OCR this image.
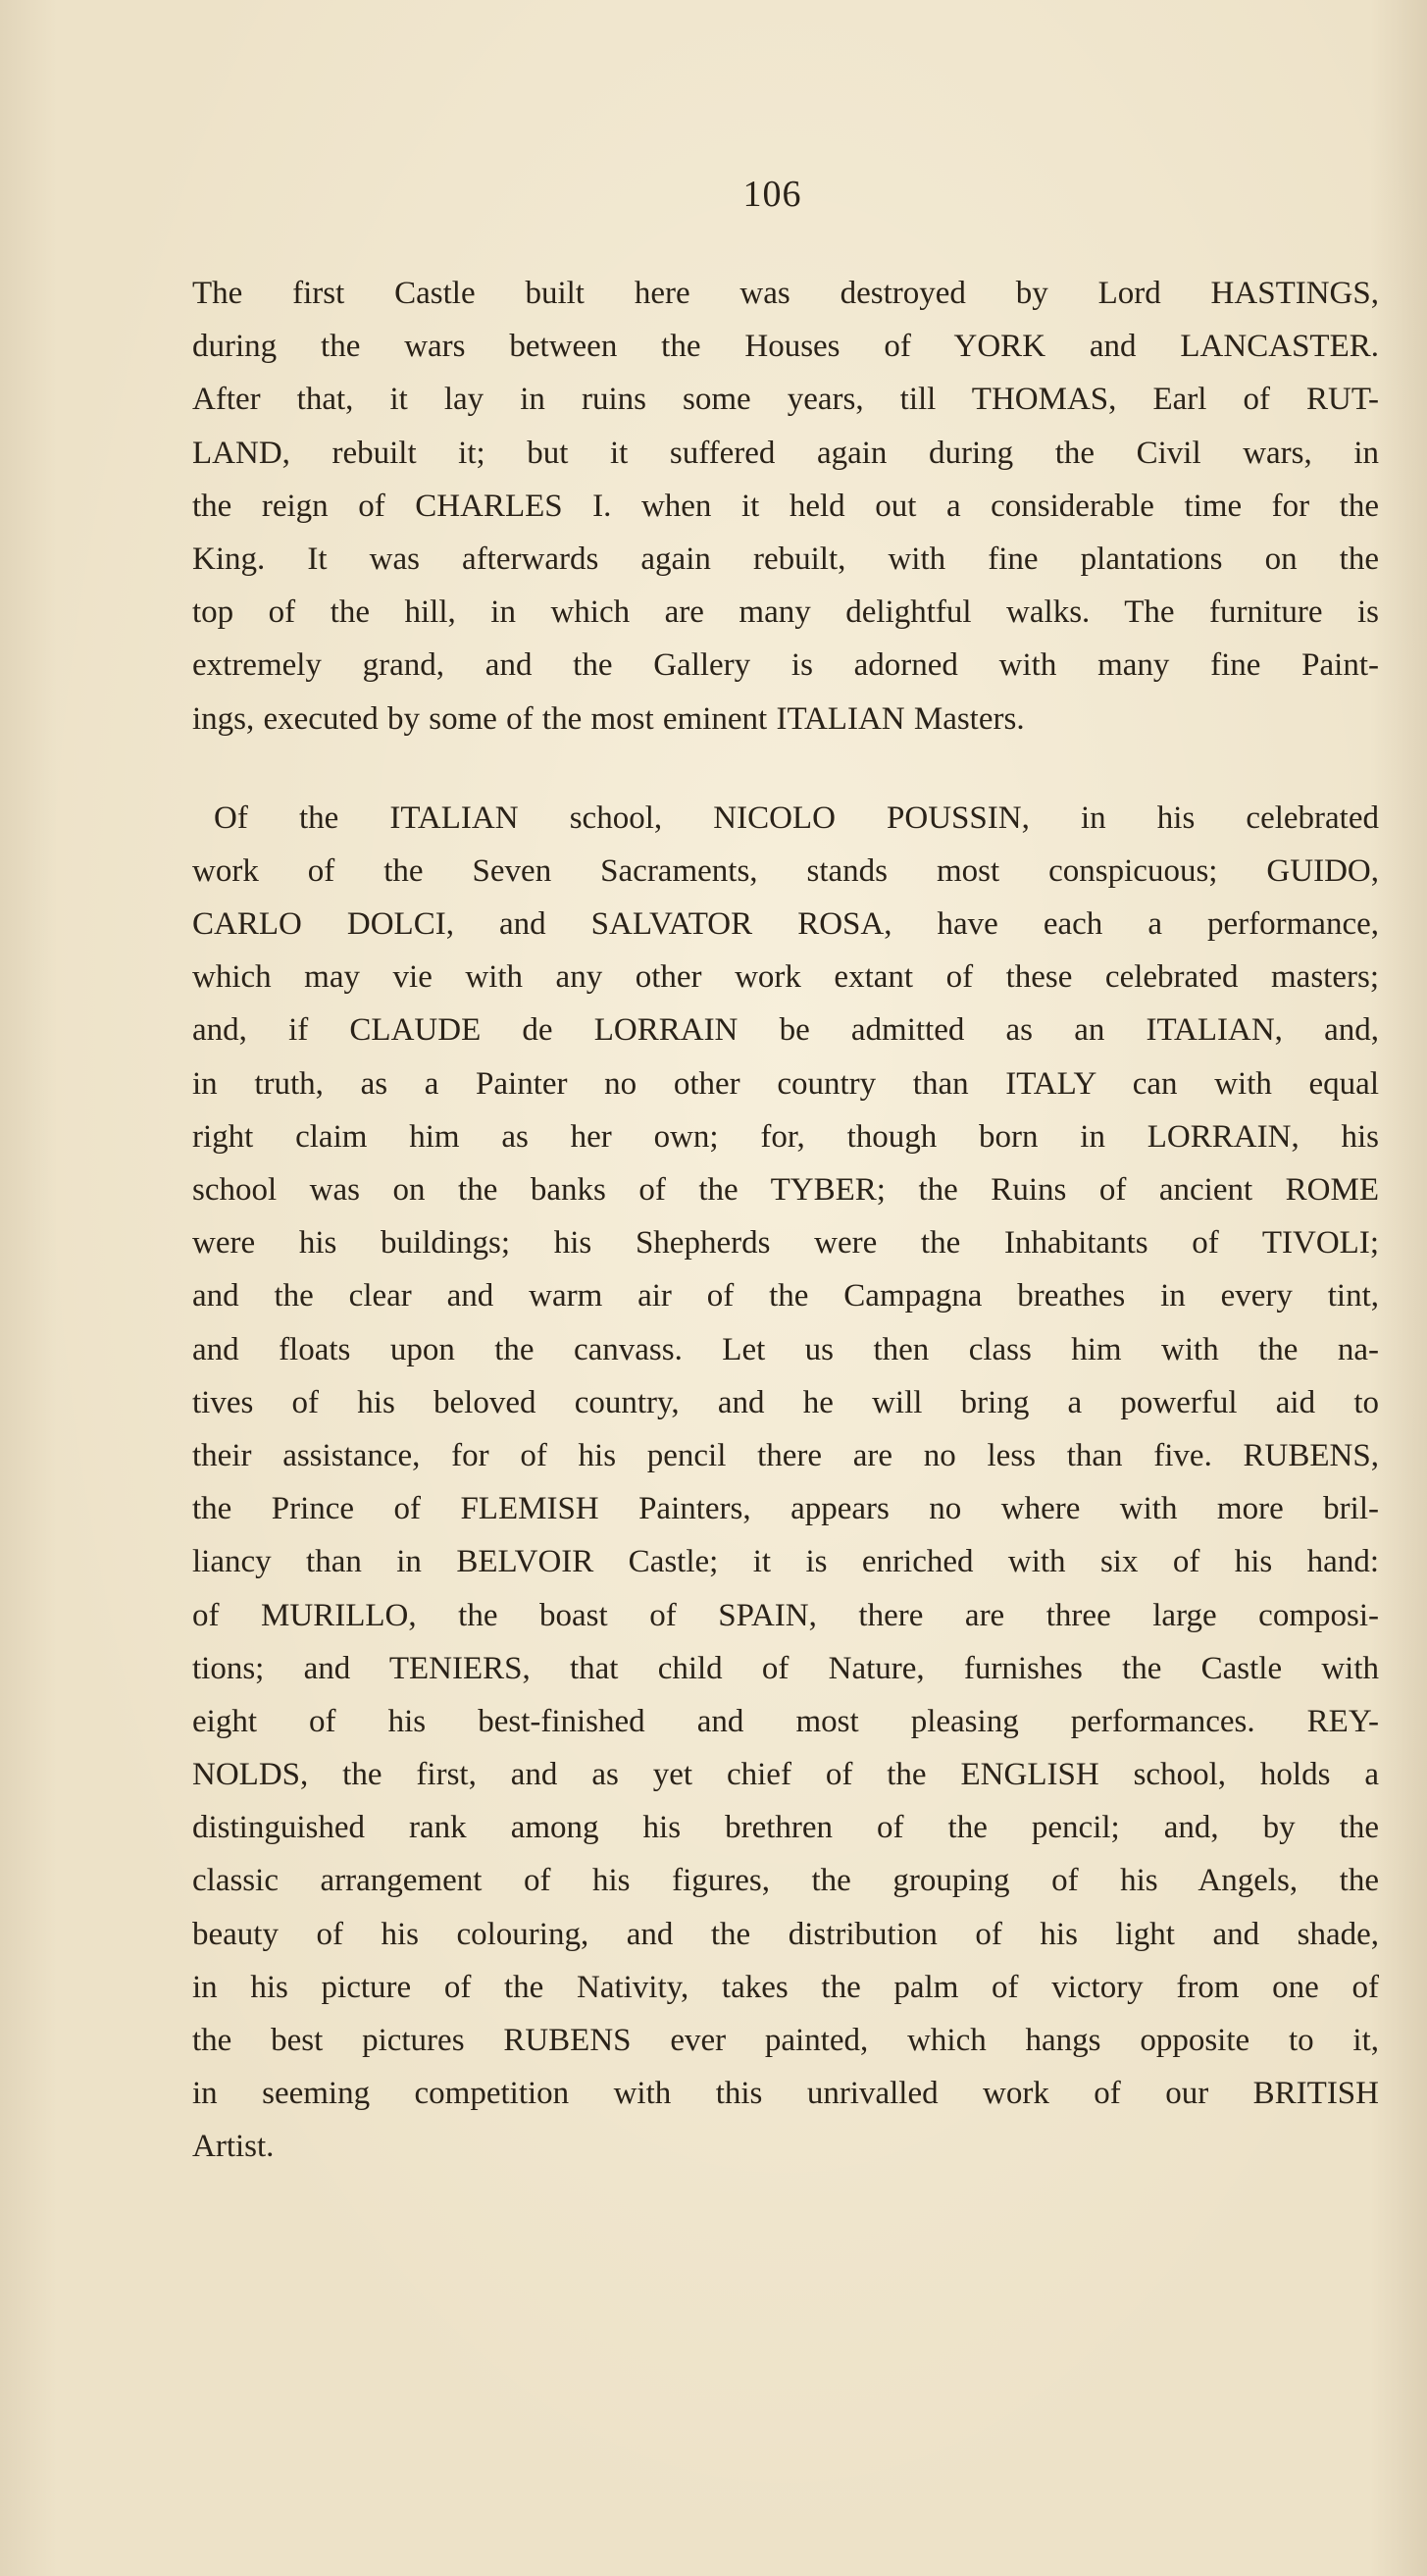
106

The first Castle built here was destroyed by Lord HASTINGS,
during the wars between the Houses of YORK and LANCASTER.
After that, it lay in ruins some years, till THOMAS, Earl of RUT-
LAND, rebuilt it; but it suffered again during the Civil wars, in
the reign of CHARLES I. when it held out a considerable time for the
King. It was afterwards again rebuilt, with fine plantations on the
top of the hill, in which are many delightful walks. The furniture is
extremely grand, and the Gallery is adorned with many fine Paint-
ings, executed by some of the most eminent ITALIAN Masters.

Of the ITALIAN school, NICOLO POUSSIN, in his celebrated
work of the Seven Sacraments, stands most conspicuous; GUIDO,
CARLO DOLCI, and SALVATOR ROSA, have each a performance,
which may vie with any other work extant of these celebrated masters;
and, if CLAUDE de LORRAIN be admitted as an ITALIAN, and,
in truth, as a Painter no other country than ITALY can with equal
right claim him as her own; for, though born in LORRAIN, his
school was on the banks of the TYBER; the Ruins of ancient ROME
were his buildings; his Shepherds were the Inhabitants of TIVOLI;
and the clear and warm air of the Campagna breathes in every tint,
and floats upon the canvass. Let us then class him with the na-
tives of his beloved country, and he will bring a powerful aid to
their assistance, for of his pencil there are no less than five. RUBENS,
the Prince of FLEMISH Painters, appears no where with more bril-
liancy than in BELVOIR Castle; it is enriched with six of his hand:
of MURILLO, the boast of SPAIN, there are three large composi-
tions; and TENIERS, that child of Nature, furnishes the Castle with
eight of his best-finished and most pleasing performances. REY-
NOLDS, the first, and as yet chief of the ENGLISH school, holds a
distinguished rank among his brethren of the pencil; and, by the
classic arrangement of his figures, the grouping of his Angels, the
beauty of his colouring, and the distribution of his light and shade,
in his picture of the Nativity, takes the palm of victory from one of
the best pictures RUBENS ever painted, which hangs opposite to it,
in seeming competition with this unrivalled work of our BRITISH
Artist.
